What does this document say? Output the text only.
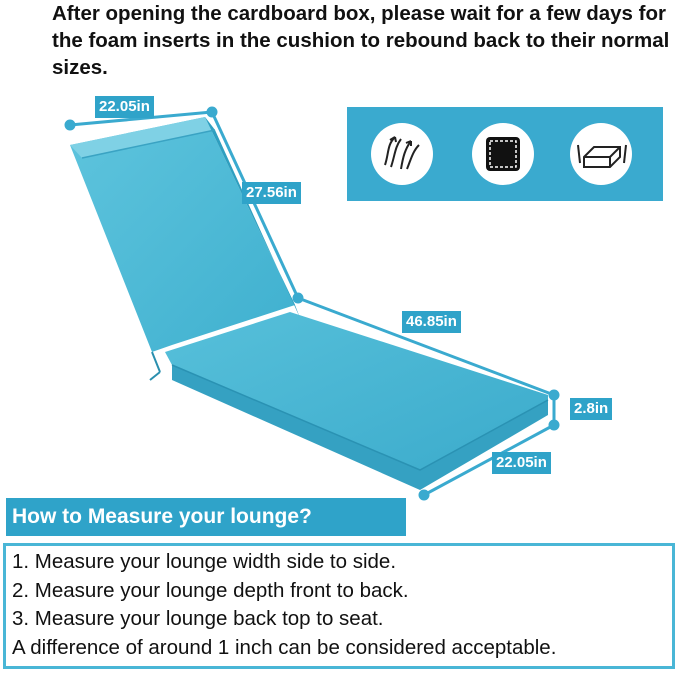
After opening the cardboard box, please wait for a few days for the foam inserts in the cushion to rebound back to their normal sizes.
22.05in
27.56in
46.85in
2.8in
22.05in
How to Measure your lounge?
1. Measure your lounge width side to side.
2. Measure your lounge depth front to back.
3. Measure your lounge back top to seat.
A difference of around 1 inch can be considered acceptable.
